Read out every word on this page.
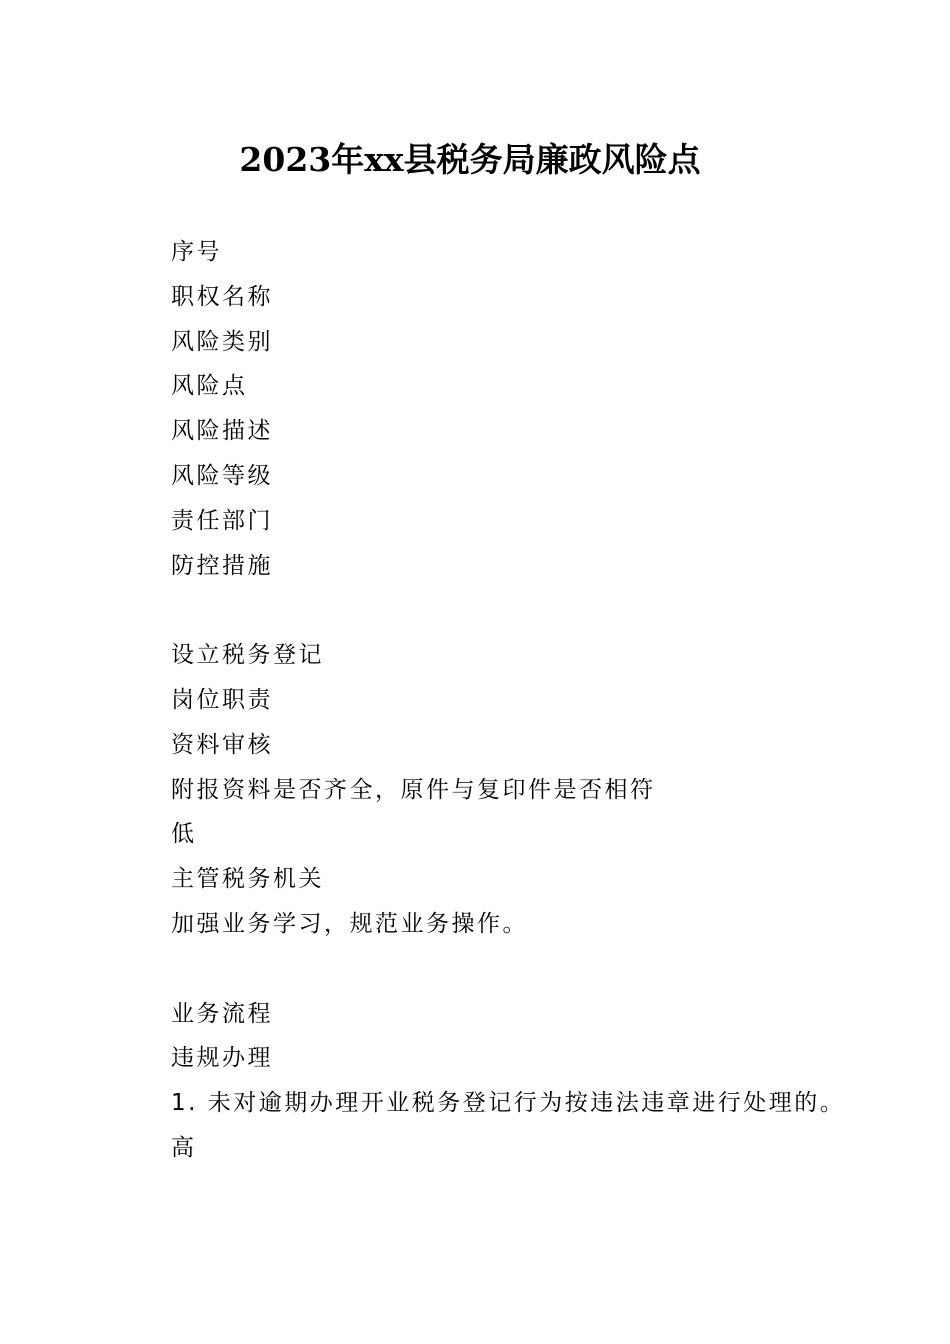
2023年xx县税务局廉政风险点
序号
职权名称
风险类别
风险点
风险描述
风险等级
责任部门
防控措施
设立税务登记
岗位职责
资料审核
附报资料是否齐全，原件与复印件是否相符
低
主管税务机关
加强业务学习，规范业务操作。
业务流程
违规办理
1. 未对逾期办理开业税务登记行为按违法违章进行处理的。
高
